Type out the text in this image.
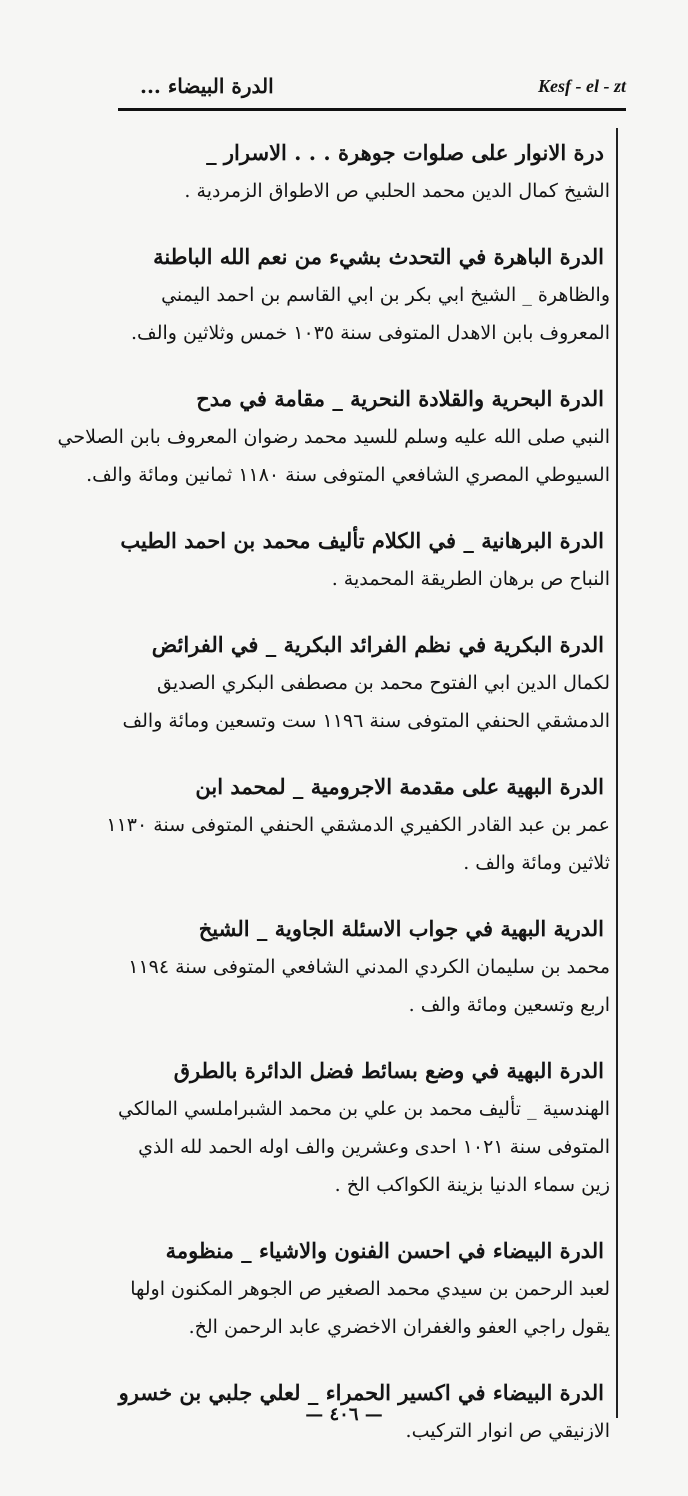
الدرة البيضاء ...	Kesf - el - zt
درة الانوار على صلوات جوهرة . . . الاسرار _
الشيخ كمال الدين محمد الحلبي ص الاطواق الزمردية .
الدرة الباهرة في التحدث بشيء من نعم الله الباطنة
والظاهرة _ الشيخ ابي بكر بن ابي القاسم بن احمد اليمني
المعروف بابن الاهدل المتوفى سنة ١٠٣٥ خمس وثلاثين والف.
الدرة البحرية والقلادة النحرية _ مقامة في مدح
النبي صلى الله عليه وسلم للسيد محمد رضوان المعروف بابن الصلاحي
السيوطي المصري الشافعي المتوفى سنة ١١٨٠ ثمانين ومائة والف.
الدرة البرهانية _ في الكلام تأليف محمد بن احمد الطيب
النباح ص برهان الطريقة المحمدية .
الدرة البكرية في نظم الفرائد البكرية _ في الفرائض
لكمال الدين ابي الفتوح محمد بن مصطفى البكري الصديق
الدمشقي الحنفي المتوفى سنة ١١٩٦ ست وتسعين ومائة والف
الدرة البهية على مقدمة الاجرومية _ لمحمد ابن
عمر بن عبد القادر الكفيري الدمشقي الحنفي المتوفى سنة ١١٣٠
ثلاثين ومائة والف .
الدرية البهية في جواب الاسئلة الجاوية _ الشيخ
محمد بن سليمان الكردي المدني الشافعي المتوفى سنة ١١٩٤
اربع وتسعين ومائة والف .
الدرة البهية في وضع بسائط فضل الدائرة بالطرق
الهندسية _ تأليف محمد بن علي بن محمد الشبراملسي المالكي
المتوفى سنة ١٠٢١ احدى وعشرين والف اوله الحمد لله الذي
زين سماء الدنيا بزينة الكواكب الخ .
الدرة البيضاء في احسن الفنون والاشياء _ منظومة
لعبد الرحمن بن سيدي محمد الصغير ص الجوهر المكنون اولها
يقول راجي العفو والغفران الاخضري عابد الرحمن الخ.
الدرة البيضاء في اكسير الحمراء _ لعلي جلبي بن خسرو
الازنيقي ص انوار التركيب.
— ٤٠٦ —
